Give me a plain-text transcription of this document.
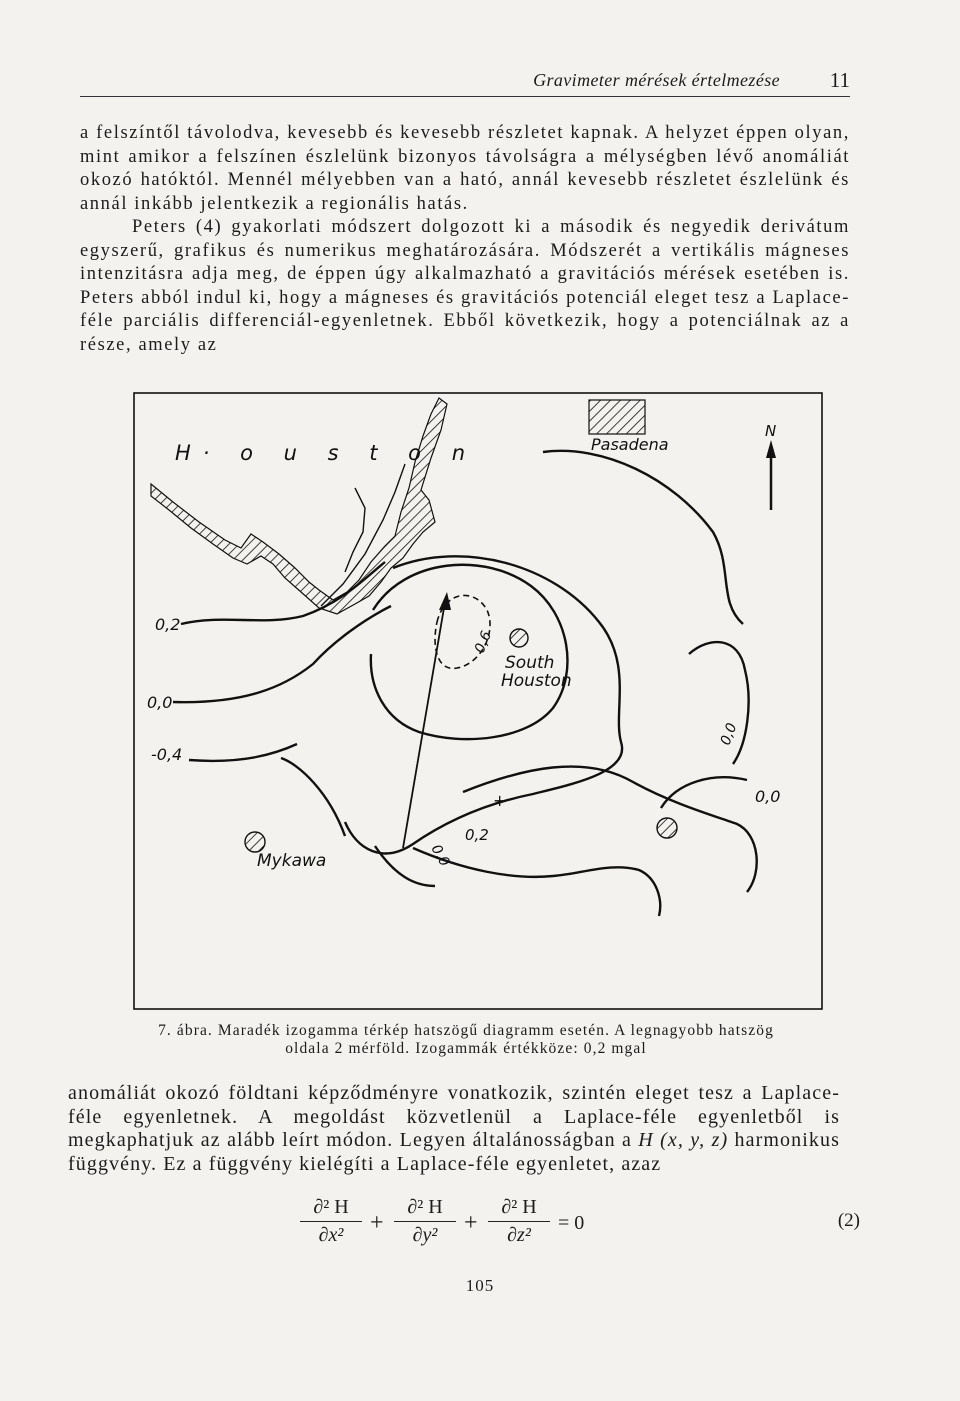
Gravimeter mérések értelmezése 11

a felszíntől távolodva, kevesebb és kevesebb részletet kapnak. A helyzet éppen olyan, mint amikor a felszínen észlelünk bizonyos távolságra a mélységben lévő anomáliát okozó hatóktól. Mennél mélyebben van a ható, annál kevesebb részletet észlelünk és annál inkább jelentkezik a regionális hatás.

Peters (4) gyakorlati módszert dolgozott ki a második és negyedik derivátum egyszerű, grafikus és numerikus meghatározására. Módszerét a vertikális mágneses intenzitásra adja meg, de éppen úgy alkalmazható a gravitációs mérések esetében is. Peters abból indul ki, hogy a mágneses és gravitációs potenciál eleget tesz a Laplace-féle parciális differenciál-egyenletnek. Ebből következik, hogy a potenciálnak az a része, amely az

H· o u s t o n	Pasadena
N
South
Houston
Mykawa
0,2
0,0
-0,4
0,6
0,0
0,0
0,0
0,2
+
7. ábra. Maradék izogamma térkép hatszögű diagramm esetén. A legnagyobb hatszög
oldala 2 mérföld. Izogammák értékköze: 0,2 mgal

anomáliát okozó földtani képződményre vonatkozik, szintén eleget tesz a Laplace-féle egyenletnek. A megoldást közvetlenül a Laplace-féle egyenletből is megkaphatjuk az alább leírt módon. Legyen általánosságban a H (x, y, z) harmonikus függvény. Ez a függvény kielégíti a Laplace-féle egyenletet, azaz

$\frac{\text{∂² H}}{\text{∂x²}} + \frac{\text{∂² H}}{\text{∂y²}} + \frac{\text{∂² H}}{\text{∂z²}} = 0$	(2)
105
